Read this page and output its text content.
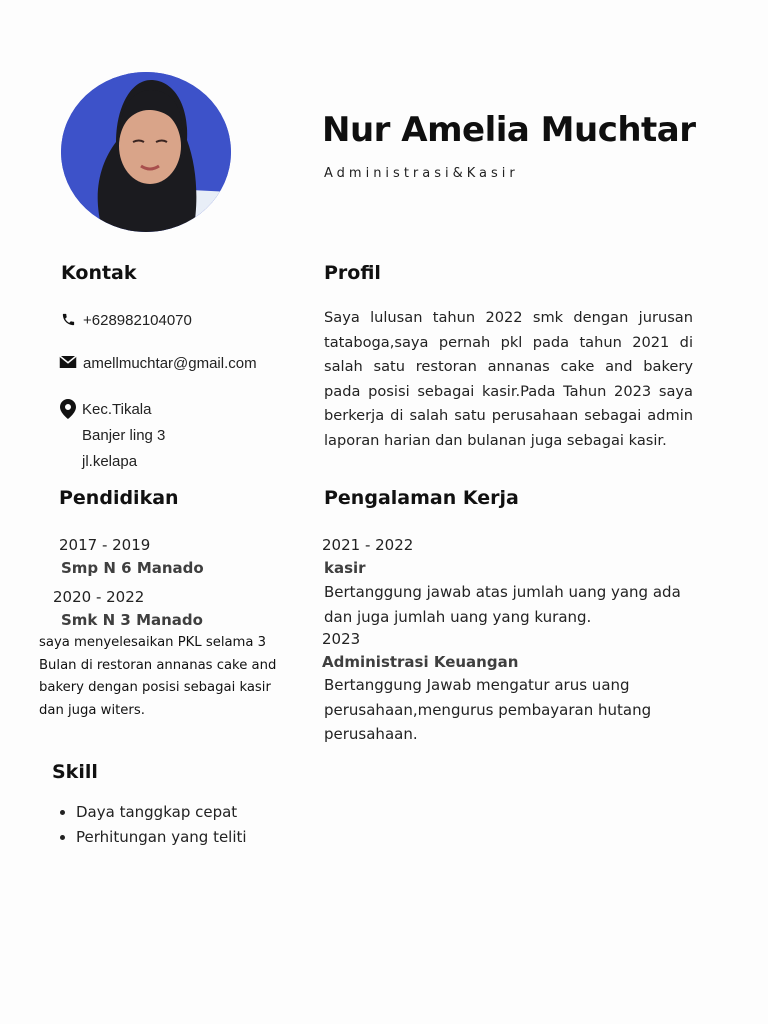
Nur Amelia Muchtar
Administrasi&Kasir
Kontak
+628982104070
amellmuchtar@gmail.com
Kec.Tikala
Banjer ling 3
jl.kelapa
Profil
Saya lulusan tahun 2022 smk dengan jurusan tataboga,saya pernah pkl pada tahun 2021 di salah satu restoran annanas cake and bakery pada posisi sebagai kasir.Pada Tahun 2023 saya berkerja di salah satu perusahaan sebagai admin laporan harian dan bulanan juga sebagai kasir.
Pendidikan
2017 - 2019
Smp N 6 Manado
2020 - 2022
Smk N 3 Manado
saya menyelesaikan PKL selama 3 Bulan di restoran annanas cake and bakery dengan posisi sebagai kasir dan juga witers.
Pengalaman Kerja
2021 - 2022
kasir
Bertanggung jawab atas jumlah uang yang ada dan juga jumlah uang yang kurang.
2023
Administrasi Keuangan
Bertanggung Jawab mengatur arus uang perusahaan,mengurus pembayaran hutang perusahaan.
Skill
• Daya tanggkap cepat
• Perhitungan yang teliti
